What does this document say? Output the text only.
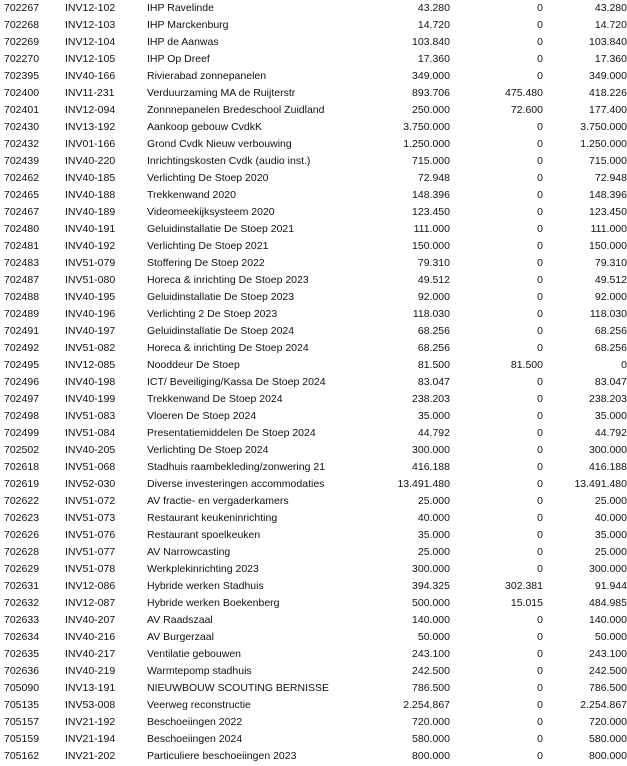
702267	INV12-102	IHP Ravelinde	43.280	0	43.280
702268	INV12-103	IHP Marckenburg	14.720	0	14.720
702269	INV12-104	IHP de Aanwas	103.840	0	103.840
702270	INV12-105	IHP Op Dreef	17.360	0	17.360
702395	INV40-166	Rivierabad zonnepanelen	349.000	0	349.000
702400	INV11-231	Verduurzaming MA de Ruijterstr	893.706	475.480	418.226
702401	INV12-094	Zonnnepanelen Bredeschool Zuidland	250.000	72.600	177.400
702430	INV13-192	Aankoop gebouw CvdkK	3.750.000	0	3.750.000
702432	INV01-166	Grond Cvdk Nieuw verbouwing	1.250.000	0	1.250.000
702439	INV40-220	Inrichtingskosten Cvdk (audio inst.)	715.000	0	715.000
702462	INV40-185	Verlichting De Stoep 2020	72.948	0	72.948
702465	INV40-188	Trekkenwand 2020	148.396	0	148.396
702467	INV40-189	Videomeekijksysteem 2020	123.450	0	123.450
702480	INV40-191	Geluidinstallatie De Stoep 2021	111.000	0	111.000
702481	INV40-192	Verlichting De Stoep 2021	150.000	0	150.000
702483	INV51-079	Stoffering De Stoep 2022	79.310	0	79.310
702487	INV51-080	Horeca & inrichting De Stoep 2023	49.512	0	49.512
702488	INV40-195	Geluidinstallatie De Stoep 2023	92.000	0	92.000
702489	INV40-196	Verlichting 2 De Stoep 2023	118.030	0	118.030
702491	INV40-197	Geluidinstallatie De Stoep 2024	68.256	0	68.256
702492	INV51-082	Horeca & inrichting De Stoep 2024	68.256	0	68.256
702495	INV12-085	Nooddeur De Stoep	81.500	81.500	0
702496	INV40-198	ICT/ Beveiliging/Kassa De Stoep 2024	83.047	0	83.047
702497	INV40-199	Trekkenwand De Stoep 2024	238.203	0	238.203
702498	INV51-083	Vloeren De Stoep 2024	35.000	0	35.000
702499	INV51-084	Presentatiemiddelen De Stoep 2024	44.792	0	44.792
702502	INV40-205	Verlichting De Stoep 2024	300.000	0	300.000
702618	INV51-068	Stadhuis raambekleding/zonwering 21	416.188	0	416.188
702619	INV52-030	Diverse investeringen accommodaties	13.491.480	0	13.491.480
702622	INV51-072	AV fractie- en vergaderkamers	25.000	0	25.000
702623	INV51-073	Restaurant keukeninrichting	40.000	0	40.000
702626	INV51-076	Restaurant spoelkeuken	35.000	0	35.000
702628	INV51-077	AV Narrowcasting	25.000	0	25.000
702629	INV51-078	Werkplekinrichting 2023	300.000	0	300.000
702631	INV12-086	Hybride werken Stadhuis	394.325	302.381	91.944
702632	INV12-087	Hybride werken Boekenberg	500.000	15.015	484.985
702633	INV40-207	AV Raadszaal	140.000	0	140.000
702634	INV40-216	AV Burgerzaal	50.000	0	50.000
702635	INV40-217	Ventilatie gebouwen	243.100	0	243.100
702636	INV40-219	Warmtepomp stadhuis	242.500	0	242.500
705090	INV13-191	NIEUWBOUW SCOUTING BERNISSE	786.500	0	786.500
705135	INV53-008	Veerweg reconstructie	2.254.867	0	2.254.867
705157	INV21-192	Beschoeiingen 2022	720.000	0	720.000
705159	INV21-194	Beschoeiingen 2024	580.000	0	580.000
705162	INV21-202	Particuliere beschoeiingen 2023	800.000	0	800.000
